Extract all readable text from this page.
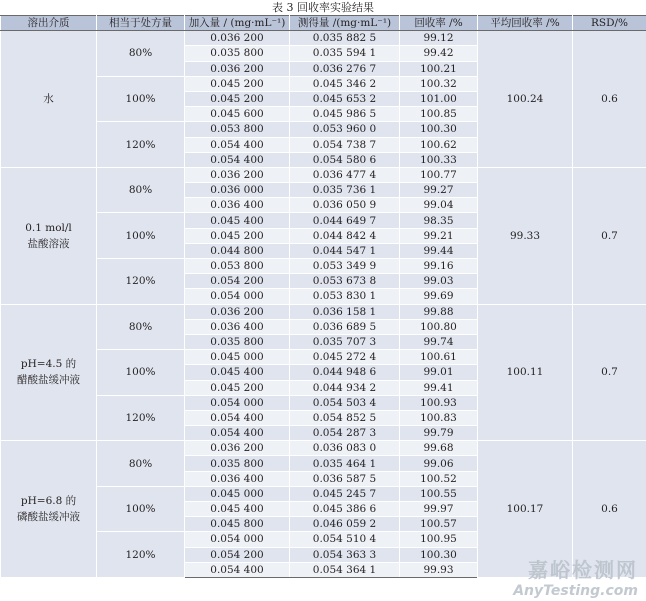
表 3 回收率实验结果
溶出介质	相当于处方量	加入量 / (mg·mL⁻¹)	测得量 /(mg·mL⁻¹)	回收率 /%	平均回收率 /%	RSD/%
水	80%	0.036 200	0.035 882 5	99.12	100.24	0.6
		0.035 800	0.035 594 1	99.42		
		0.036 200	0.036 276 7	100.21		
	100%	0.045 200	0.045 346 2	100.32		
		0.045 200	0.045 653 2	101.00		
		0.045 600	0.045 986 5	100.85		
	120%	0.053 800	0.053 960 0	100.30		
		0.054 400	0.054 738 7	100.62		
		0.054 400	0.054 580 6	100.33		
0.1 mol/l
盐酸溶液	80%	0.036 200	0.036 477 4	100.77	99.33	0.7
		0.036 000	0.035 736 1	99.27		
		0.036 400	0.036 050 9	99.04		
	100%	0.045 400	0.044 649 7	98.35		
		0.045 200	0.044 842 4	99.21		
		0.044 800	0.044 547 1	99.44		
	120%	0.053 800	0.053 349 9	99.16		
		0.054 200	0.053 673 8	99.03		
		0.054 000	0.053 830 1	99.69		
pH=4.5 的
醋酸盐缓冲液	80%	0.036 200	0.036 158 1	99.88	100.11	0.7
		0.036 400	0.036 689 5	100.80		
		0.035 800	0.035 707 3	99.74		
	100%	0.045 000	0.045 272 4	100.61		
		0.045 400	0.044 948 6	99.01		
		0.045 200	0.044 934 2	99.41		
	120%	0.054 000	0.054 503 4	100.93		
		0.054 400	0.054 852 5	100.83		
		0.054 400	0.054 287 3	99.79		
pH=6.8 的
磷酸盐缓冲液	80%	0.036 200	0.036 083 0	99.68	100.17	0.6
		0.035 800	0.035 464 1	99.06		
		0.036 400	0.036 587 5	100.52		
	100%	0.045 000	0.045 245 7	100.55		
		0.045 400	0.045 386 6	99.97		
		0.045 800	0.046 059 2	100.57		
	120%	0.054 000	0.054 510 4	100.95		
		0.054 200	0.054 363 3	100.30		
		0.054 400	0.054 364 1	99.93			嘉峪检测网
AnyTesting.com
